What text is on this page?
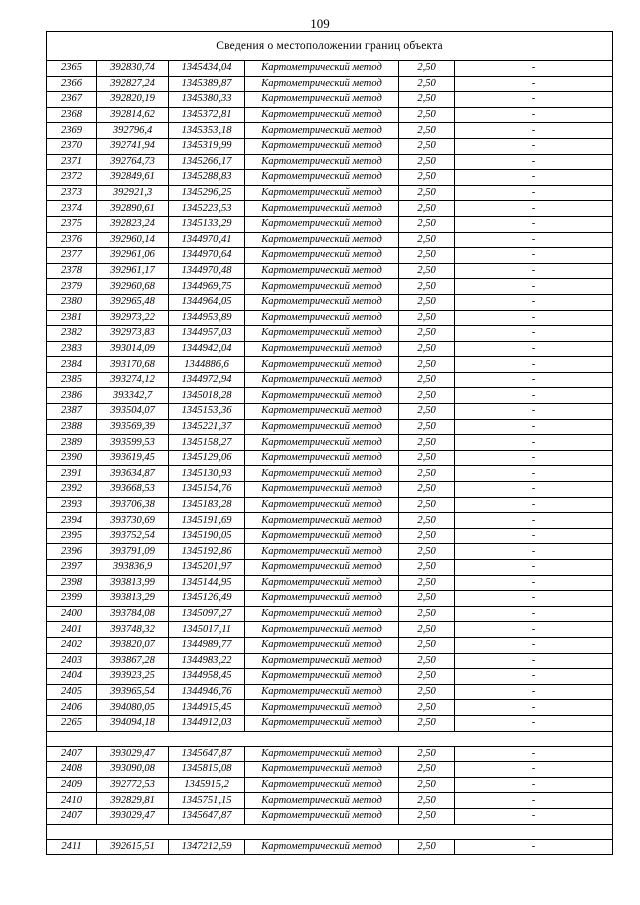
109
Сведения о местоположении границ объекта					
2365	392830,74	1345434,04	Картометрический метод	2,50	-
2366	392827,24	1345389,87	Картометрический метод	2,50	-
2367	392820,19	1345380,33	Картометрический метод	2,50	-
2368	392814,62	1345372,81	Картометрический метод	2,50	-
2369	392796,4	1345353,18	Картометрический метод	2,50	-
2370	392741,94	1345319,99	Картометрический метод	2,50	-
2371	392764,73	1345266,17	Картометрический метод	2,50	-
2372	392849,61	1345288,83	Картометрический метод	2,50	-
2373	392921,3	1345296,25	Картометрический метод	2,50	-
2374	392890,61	1345223,53	Картометрический метод	2,50	-
2375	392823,24	1345133,29	Картометрический метод	2,50	-
2376	392960,14	1344970,41	Картометрический метод	2,50	-
2377	392961,06	1344970,64	Картометрический метод	2,50	-
2378	392961,17	1344970,48	Картометрический метод	2,50	-
2379	392960,68	1344969,75	Картометрический метод	2,50	-
2380	392965,48	1344964,05	Картометрический метод	2,50	-
2381	392973,22	1344953,89	Картометрический метод	2,50	-
2382	392973,83	1344957,03	Картометрический метод	2,50	-
2383	393014,09	1344942,04	Картометрический метод	2,50	-
2384	393170,68	1344886,6	Картометрический метод	2,50	-
2385	393274,12	1344972,94	Картометрический метод	2,50	-
2386	393342,7	1345018,28	Картометрический метод	2,50	-
2387	393504,07	1345153,36	Картометрический метод	2,50	-
2388	393569,39	1345221,37	Картометрический метод	2,50	-
2389	393599,53	1345158,27	Картометрический метод	2,50	-
2390	393619,45	1345129,06	Картометрический метод	2,50	-
2391	393634,87	1345130,93	Картометрический метод	2,50	-
2392	393668,53	1345154,76	Картометрический метод	2,50	-
2393	393706,38	1345183,28	Картометрический метод	2,50	-
2394	393730,69	1345191,69	Картометрический метод	2,50	-
2395	393752,54	1345190,05	Картометрический метод	2,50	-
2396	393791,09	1345192,86	Картометрический метод	2,50	-
2397	393836,9	1345201,97	Картометрический метод	2,50	-
2398	393813,99	1345144,95	Картометрический метод	2,50	-
2399	393813,29	1345126,49	Картометрический метод	2,50	-
2400	393784,08	1345097,27	Картометрический метод	2,50	-
2401	393748,32	1345017,11	Картометрический метод	2,50	-
2402	393820,07	1344989,77	Картометрический метод	2,50	-
2403	393867,28	1344983,22	Картометрический метод	2,50	-
2404	393923,25	1344958,45	Картометрический метод	2,50	-
2405	393965,54	1344946,76	Картометрический метод	2,50	-
2406	394080,05	1344915,45	Картометрический метод	2,50	-
2265	394094,18	1344912,03	Картометрический метод	2,50	-

2407	393029,47	1345647,87	Картометрический метод	2,50	-
2408	393090,08	1345815,08	Картометрический метод	2,50	-
2409	392772,53	1345915,2	Картометрический метод	2,50	-
2410	392829,81	1345751,15	Картометрический метод	2,50	-
2407	393029,47	1345647,87	Картометрический метод	2,50	-

2411	392615,51	1347212,59	Картометрический метод	2,50	-
